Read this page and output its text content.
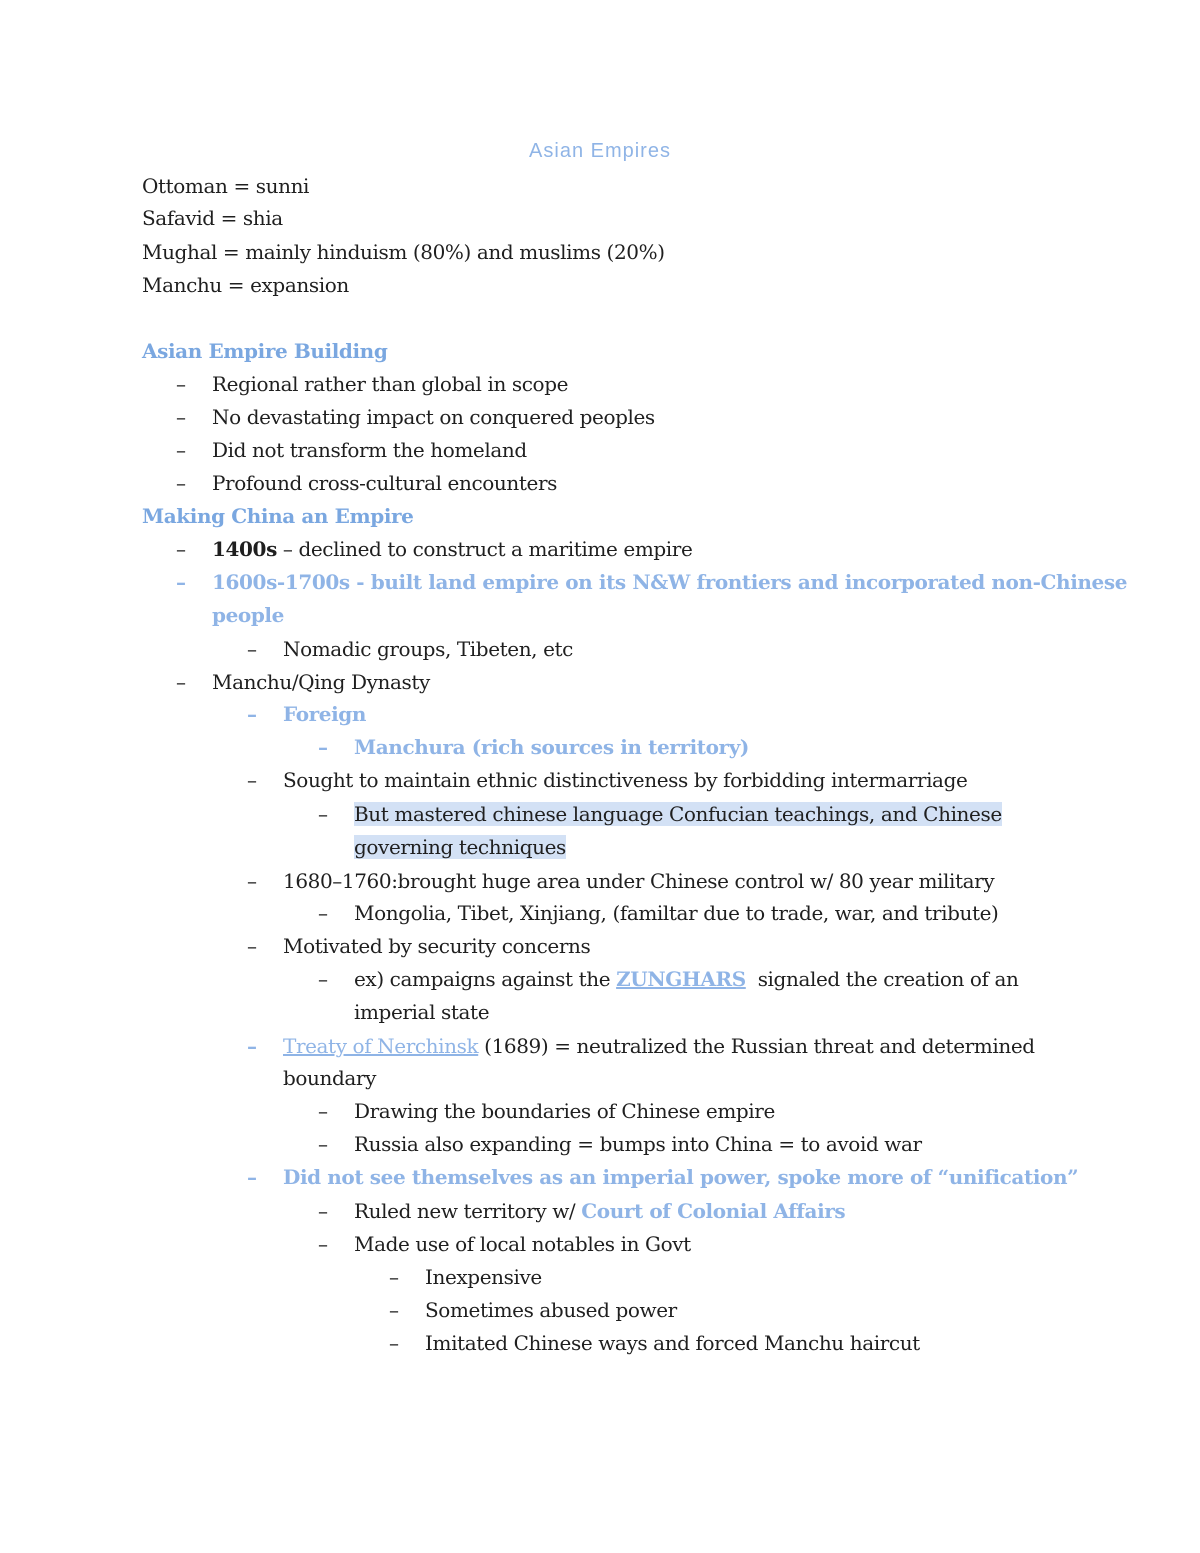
Asian Empires
Ottoman = sunni
Safavid = shia
Mughal = mainly hinduism (80%) and muslims (20%)
Manchu = expansion
Asian Empire Building
– Regional rather than global in scope
– No devastating impact on conquered peoples
– Did not transform the homeland
– Profound cross-cultural encounters
Making China an Empire
– 1400s – declined to construct a maritime empire
– 1600s-1700s - built land empire on its N&W frontiers and incorporated non-Chinese
people
– Nomadic groups, Tibeten, etc
– Manchu/Qing Dynasty
– Foreign
– Manchura (rich sources in territory)
– Sought to maintain ethnic distinctiveness by forbidding intermarriage
– But mastered chinese language Confucian teachings, and Chinese
governing techniques
– 1680–1760:brought huge area under Chinese control w/ 80 year military
– Mongolia, Tibet, Xinjiang, (familtar due to trade, war, and tribute)
– Motivated by security concerns
– ex) campaigns against the ZUNGHARS  signaled the creation of an
imperial state
– Treaty of Nerchinsk (1689) = neutralized the Russian threat and determined
boundary
– Drawing the boundaries of Chinese empire
– Russia also expanding = bumps into China = to avoid war
– Did not see themselves as an imperial power, spoke more of “unification”
– Ruled new territory w/ Court of Colonial Affairs
– Made use of local notables in Govt
– Inexpensive
– Sometimes abused power
– Imitated Chinese ways and forced Manchu haircut
